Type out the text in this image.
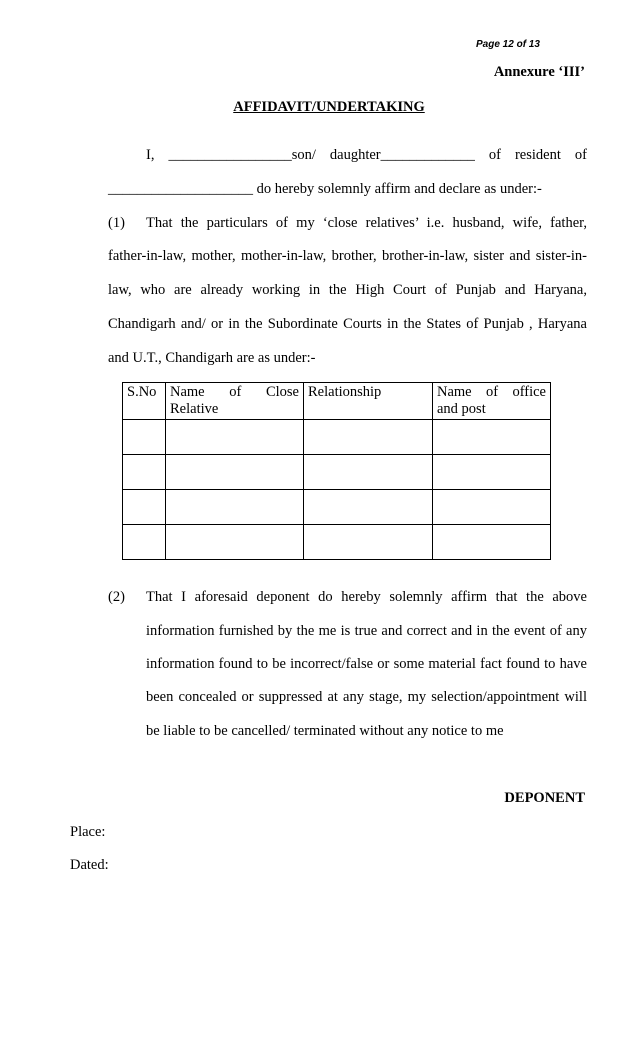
Page 12 of 13
Annexure ‘III’
AFFIDAVIT/UNDERTAKING
I, _________________son/ daughter_____________ of resident of
____________________ do hereby solemnly affirm and declare as under:-
(1) That the particulars of my ‘close relatives’ i.e. husband, wife, father,
father-in-law, mother, mother-in-law, brother, brother-in-law, sister and sister-in-
law, who are already working in the High Court of Punjab and Haryana,
Chandigarh and/ or in the Subordinate Courts in the States of Punjab , Haryana
and U.T., Chandigarh are as under:-
S.No	Name of Close Relative	Relationship	Name of office and post

(2) That I aforesaid deponent do hereby solemnly affirm that the above
information furnished by the me is true and correct and in the event of any
information found to be incorrect/false or some material fact found to have
been concealed or suppressed at any stage, my selection/appointment will
be liable to be cancelled/ terminated without any notice to me
DEPONENT
Place:
Dated:
